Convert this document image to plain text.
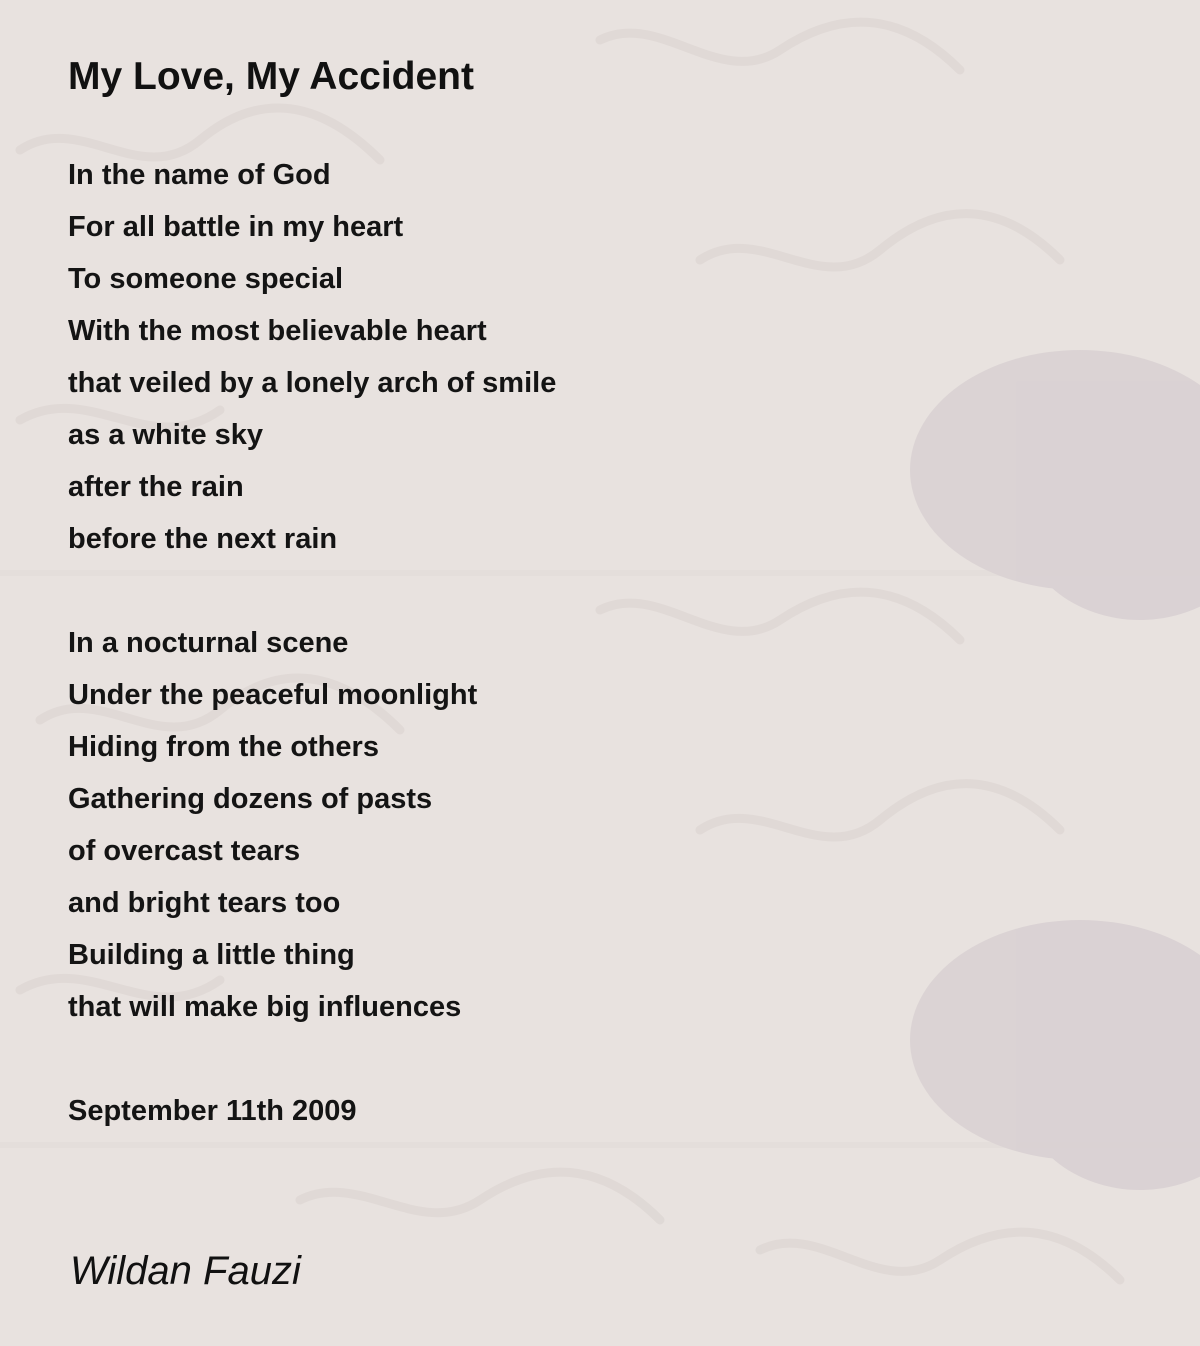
My Love, My Accident

In the name of God

For all battle in my heart

To someone special

With the most believable heart

that veiled by a lonely arch of smile

as a white sky

after the rain

before the next rain

In a nocturnal scene

Under the peaceful moonlight

Hiding from the others

Gathering dozens of pasts

of overcast tears

and bright tears too

Building a little thing

that will make big influences

September 11th 2009

Wildan Fauzi
